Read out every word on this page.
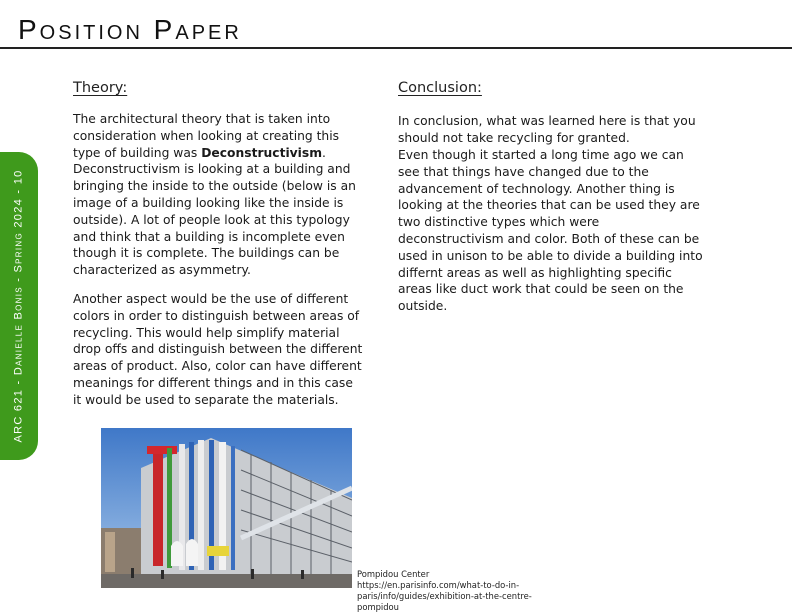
Position Paper
ARC 621 - Danielle Bonis - Spring 2024 - 10
Theory:
The architectural theory that is taken into consideration when looking at creating this type of building was Deconstructivism. Deconstructivism is looking at a building and bringing the inside to the outside (below is an image of a building looking like the inside is outside). A lot of people look at this typology and think that a building is incomplete even though it is complete. The buildings can be characterized as asymmetry.
Another aspect would be the use of different colors in order to distinguish between areas of recycling. This would help simplify material drop offs and distinguish between the different areas of product. Also, color can have different meanings for different things and in this case it would be used to separate the materials.
Conclusion:
In conclusion, what was learned here is that you should not take recycling for granted.
Even though it started a long time ago we can see that things have changed due to the advancement of technology. Another thing is looking at the theories that can be used they are two distinctive types which were deconstructivism and color. Both of these can be used in unison to be able to divide a building into differnt areas as well as highlighting specific areas like duct work that could be seen on the outside.
Pompidou Center https://en.parisinfo.com/what-to-do-in-paris/info/guides/exhibition-at-the-centre-pompidou
